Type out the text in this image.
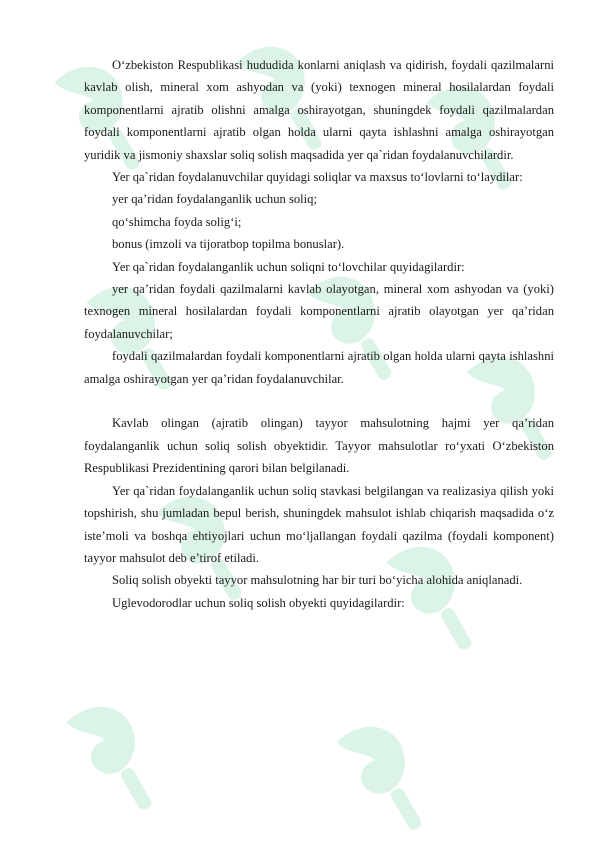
O‘zbekiston Respublikasi hududida konlarni aniqlash va qidirish, foydali qazilmalarni kavlab olish, mineral xom ashyodan va (yoki) texnogen mineral hosilalardan foydali komponentlarni ajratib olishni amalga oshirayotgan, shuningdek foydali qazilmalardan foydali komponentlarni ajratib olgan holda ularni qayta ishlashni amalga oshirayotgan yuridik va jismoniy shaxslar soliq solish maqsadida yer qa`ridan foydalanuvchilardir.

Yer qa`ridan foydalanuvchilar quyidagi soliqlar va maxsus to‘lovlarni to‘laydilar:

yer qa’ridan foydalanganlik uchun soliq;

qo‘shimcha foyda solig‘i;

bonus (imzoli va tijoratbop topilma bonuslar).

Yer qa`ridan foydalanganlik uchun soliqni to‘lovchilar quyidagilardir:

yer qa’ridan foydali qazilmalarni kavlab olayotgan, mineral xom ashyodan va (yoki) texnogen mineral hosilalardan foydali komponentlarni ajratib olayotgan yer qa’ridan foydalanuvchilar;

foydali qazilmalardan foydali komponentlarni ajratib olgan holda ularni qayta ishlashni amalga oshirayotgan yer qa’ridan foydalanuvchilar.

Kavlab olingan (ajratib olingan) tayyor mahsulotning hajmi yer qa’ridan foydalanganlik uchun soliq solish obyektidir. Tayyor mahsulotlar ro‘yxati O‘zbekiston Respublikasi Prezidentining qarori bilan belgilanadi.

Yer qa`ridan foydalanganlik uchun soliq stavkasi belgilangan va realizasiya qilish yoki topshirish, shu jumladan bepul berish, shuningdek mahsulot ishlab chiqarish maqsadida o‘z iste’moli va boshqa ehtiyojlari uchun mo‘ljallangan foydali qazilma (foydali komponent) tayyor mahsulot deb e’tirof etiladi.

Soliq solish obyekti tayyor mahsulotning har bir turi bo‘yicha alohida aniqlanadi.

Uglevodorodlar uchun soliq solish obyekti quyidagilardir:
